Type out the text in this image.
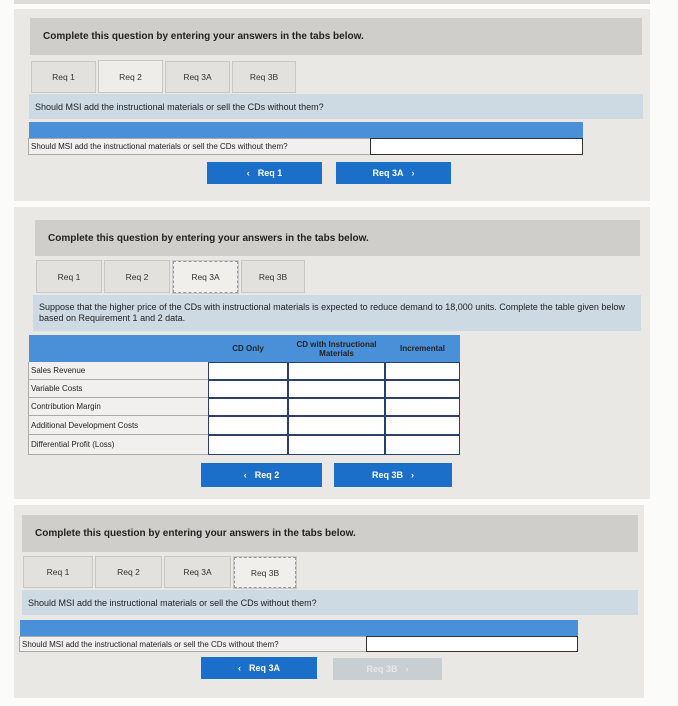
Complete this question by entering your answers in the tabs below.
Req 1	Req 2	Req 3A	Req 3B
Should MSI add the instructional materials or sell the CDs without them?
Should MSI add the instructional materials or sell the CDs without them?
‹ Req 1	Req 3A ›
Complete this question by entering your answers in the tabs below.
Req 1	Req 2	Req 3A	Req 3B
Suppose that the higher price of the CDs with instructional materials is expected to reduce demand to 18,000 units. Complete the table given below based on Requirement 1 and 2 data.
CD Only	CD with Instructional Materials	Incremental
Sales Revenue
Variable Costs
Contribution Margin
Additional Development Costs
Differential Profit (Loss)
‹ Req 2	Req 3B ›
Complete this question by entering your answers in the tabs below.
Req 1	Req 2	Req 3A	Req 3B
Should MSI add the instructional materials or sell the CDs without them?
Should MSI add the instructional materials or sell the CDs without them?
‹ Req 3A	Req 3B ›
